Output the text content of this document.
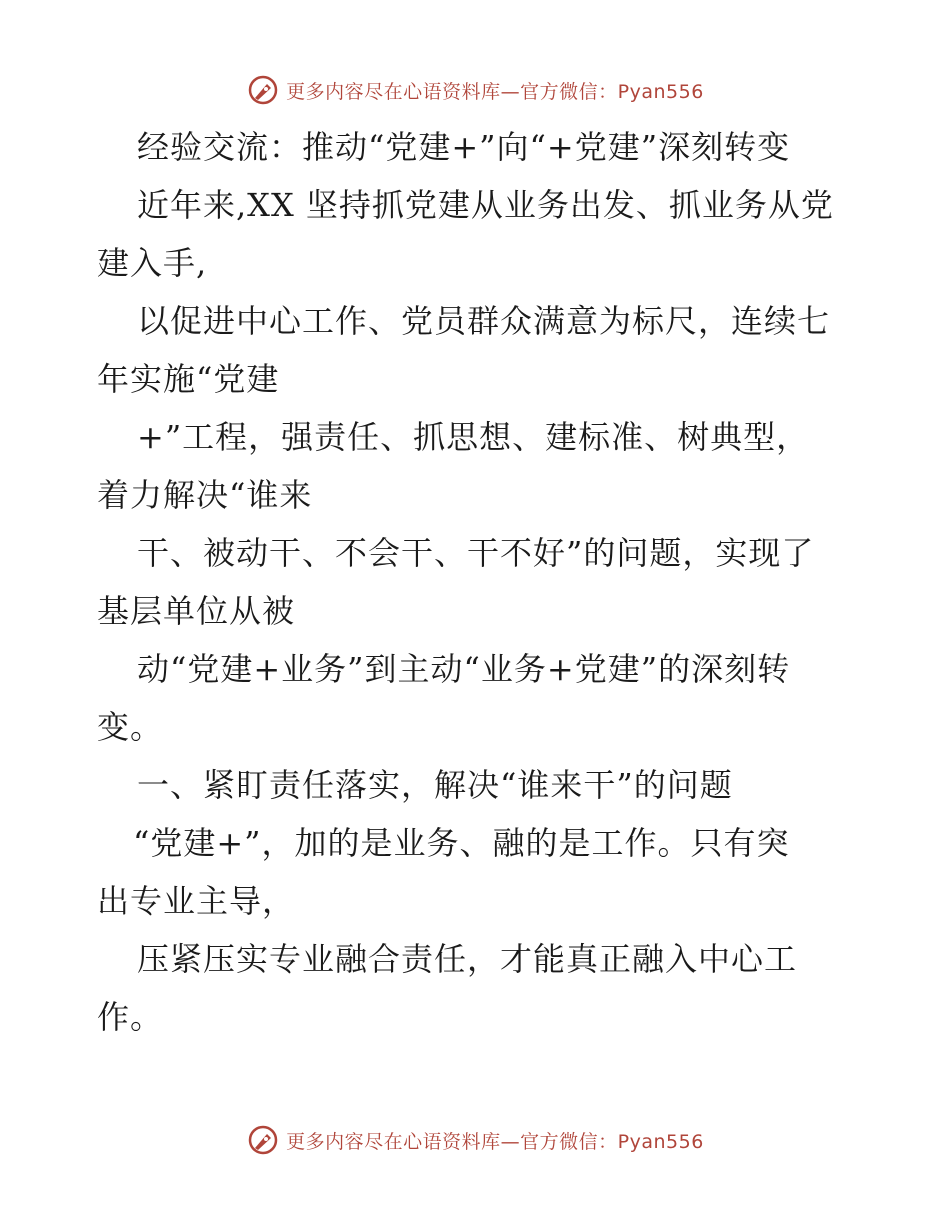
更多内容尽在心语资料库—官方微信：Pyan556
经验交流：推动“党建+”向“+党建”深刻转变
近年来,XX 坚持抓党建从业务出发、抓业务从党
建入手,
以促进中心工作、党员群众满意为标尺，连续七
年实施“党建
+”工程，强责任、抓思想、建标准、树典型，
着力解决“谁来
干、被动干、不会干、干不好”的问题，实现了
基层单位从被
动“党建+业务”到主动“业务+党建”的深刻转
变。
一、紧盯责任落实，解决“谁来干”的问题
“党建+”，加的是业务、融的是工作。只有突
出专业主导，
压紧压实专业融合责任，才能真正融入中心工
作。
更多内容尽在心语资料库—官方微信：Pyan556
